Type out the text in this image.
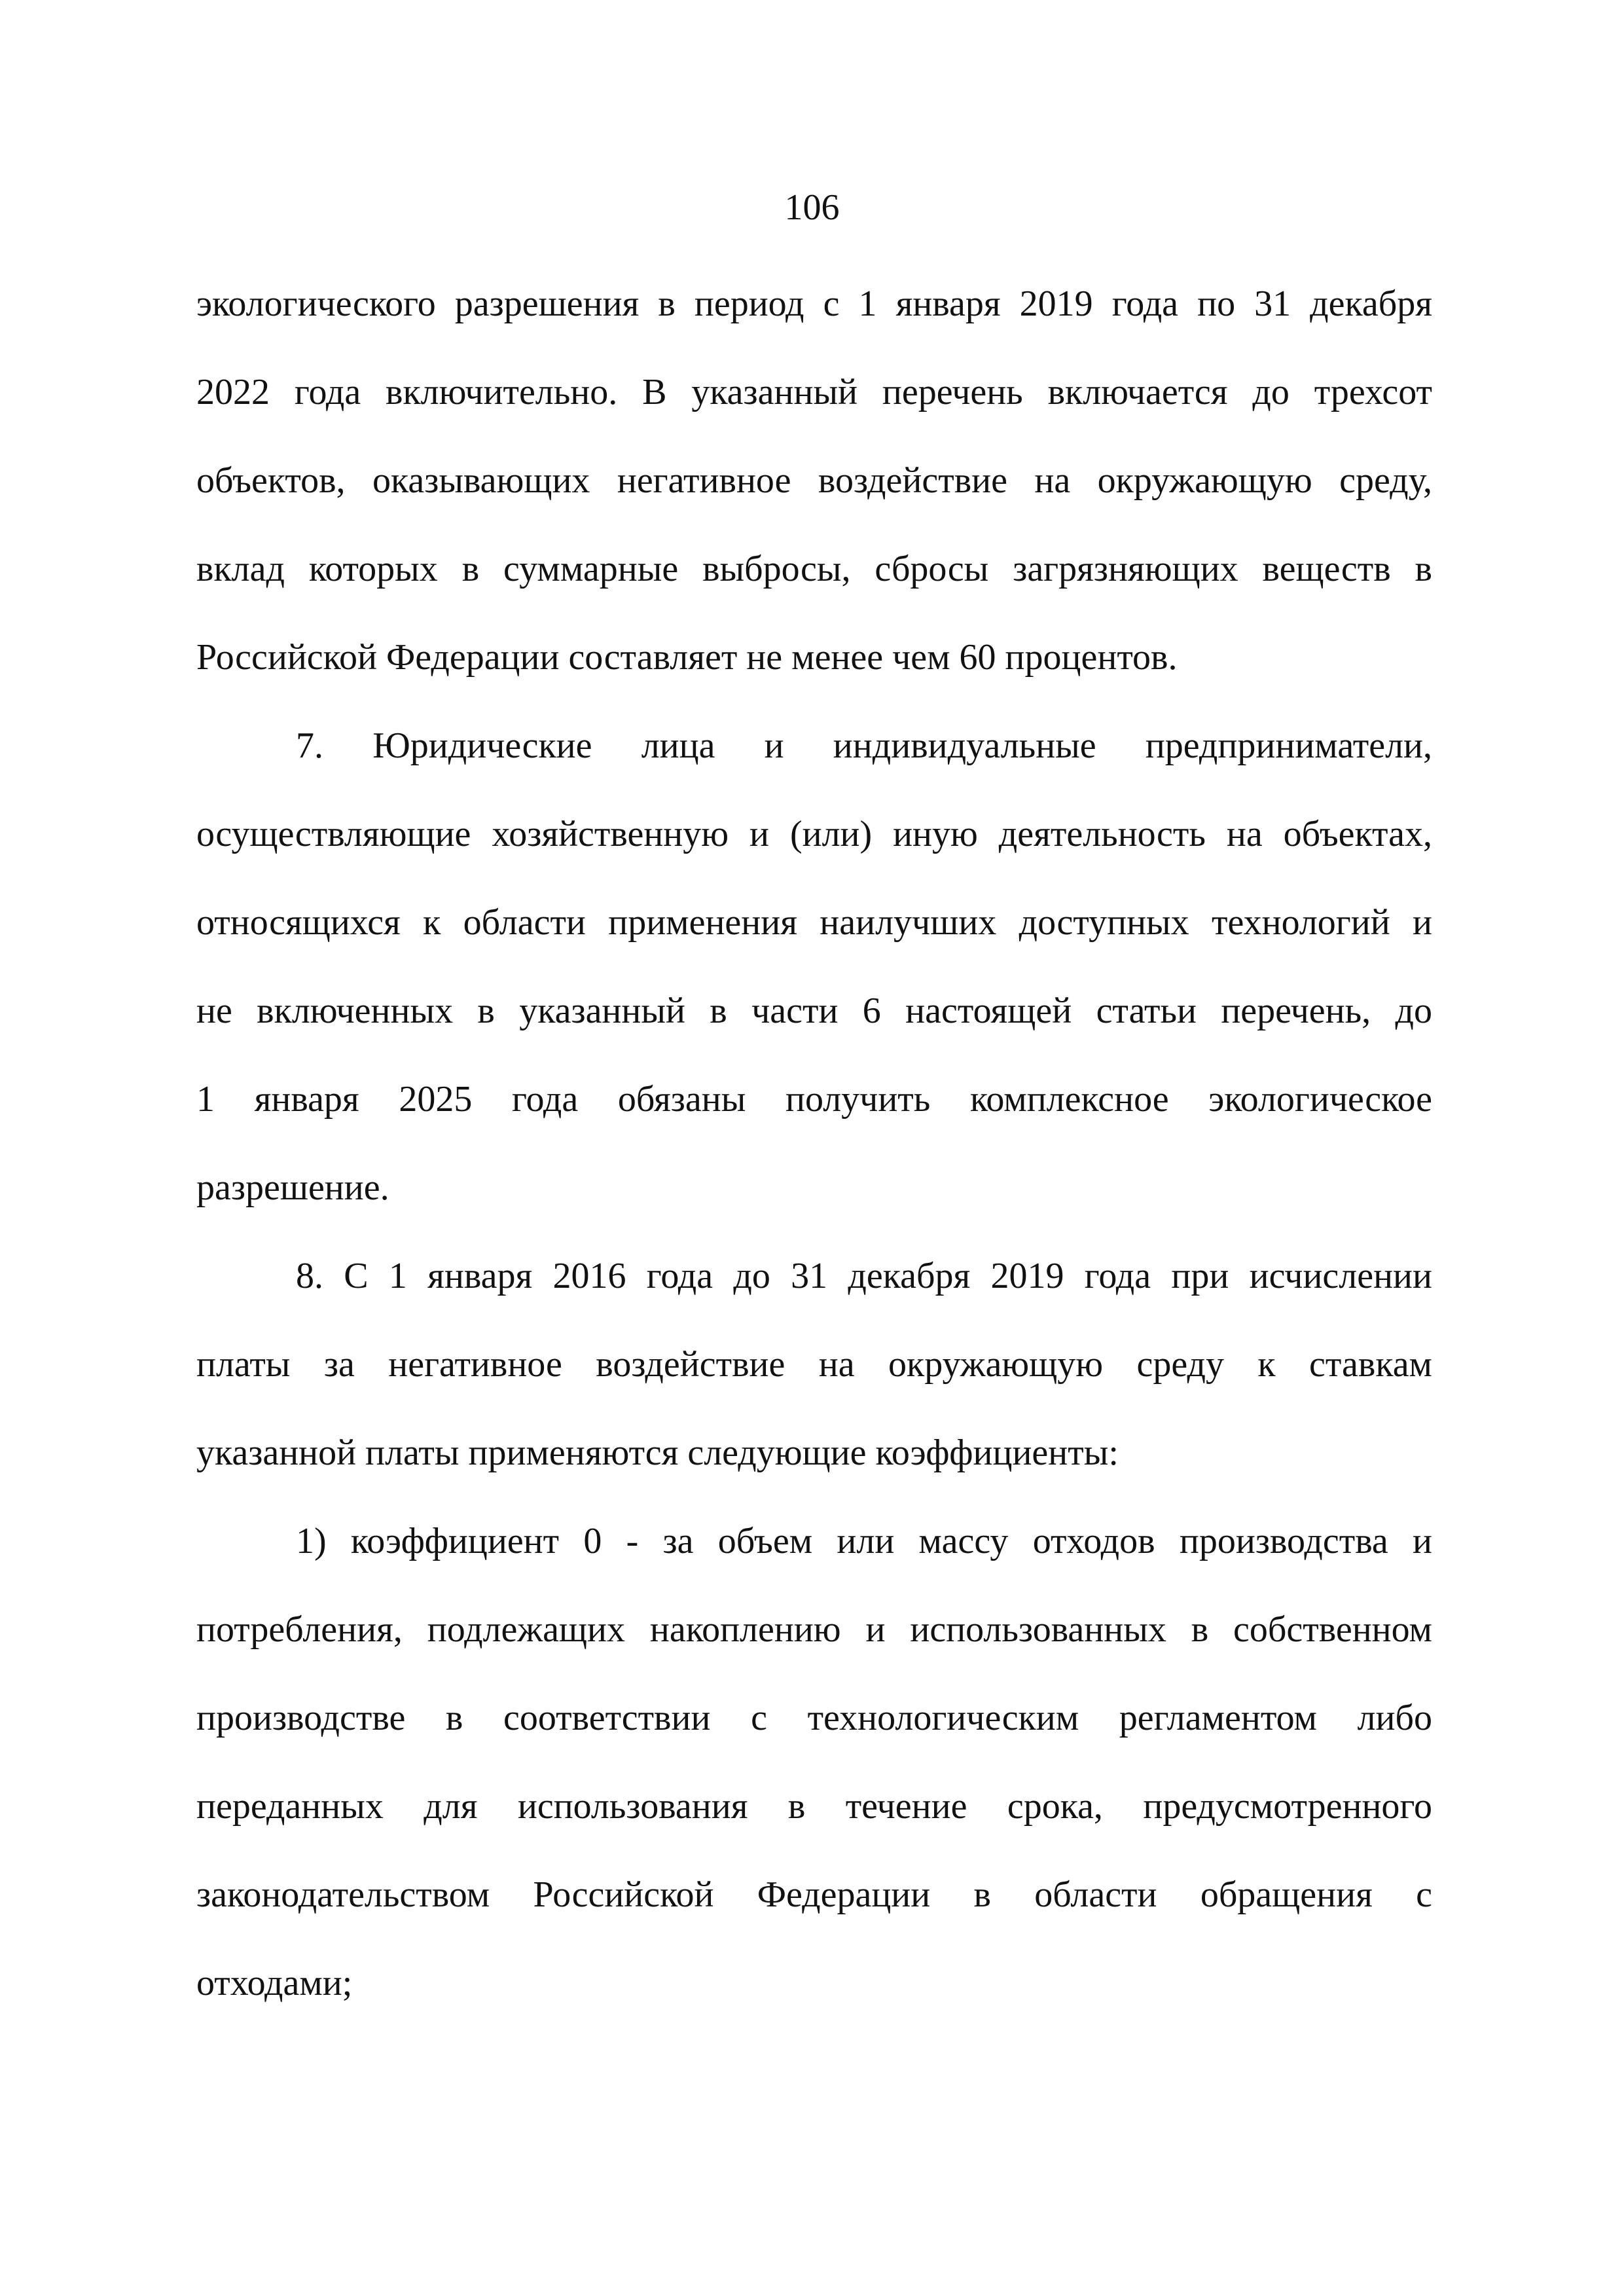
106
экологического разрешения в период с 1 января 2019 года по 31 декабря
2022 года включительно. В указанный перечень включается до трехсот
объектов, оказывающих негативное воздействие на окружающую среду,
вклад которых в суммарные выбросы, сбросы загрязняющих веществ в
Российской Федерации составляет не менее чем 60 процентов.
7. Юридические лица и индивидуальные предприниматели,
осуществляющие хозяйственную и (или) иную деятельность на объектах,
относящихся к области применения наилучших доступных технологий и
не включенных в указанный в части 6 настоящей статьи перечень, до
1 января 2025 года обязаны получить комплексное экологическое
разрешение.
8. С 1 января 2016 года до 31 декабря 2019 года при исчислении
платы за негативное воздействие на окружающую среду к ставкам
указанной платы применяются следующие коэффициенты:
1) коэффициент 0 - за объем или массу отходов производства и
потребления, подлежащих накоплению и использованных в собственном
производстве в соответствии с технологическим регламентом либо
переданных для использования в течение срока, предусмотренного
законодательством Российской Федерации в области обращения с
отходами;
